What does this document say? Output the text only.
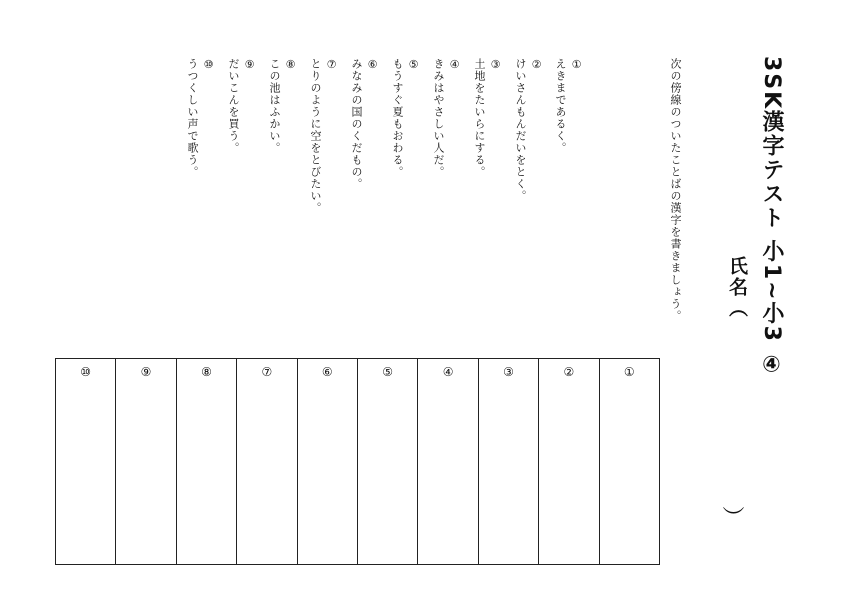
3SK漢字テスト 小1~小3 ④
氏名（
）
次の傍線のついたことばの漢字を書きましょう。
①
えきまであるく。
②
けいさんもんだいをとく。
③
土地をたいらにする。
④
きみはやさしい人だ。
⑤
もうすぐ夏もおわる。
⑥
みなみの国のくだもの。
⑦
とりのように空をとびたい。
⑧
この池はふかい。
⑨
だいこんを買う。
⑩
うつくしい声で歌う。
①
②
③
④
⑤
⑥
⑦
⑧
⑨
⑩
